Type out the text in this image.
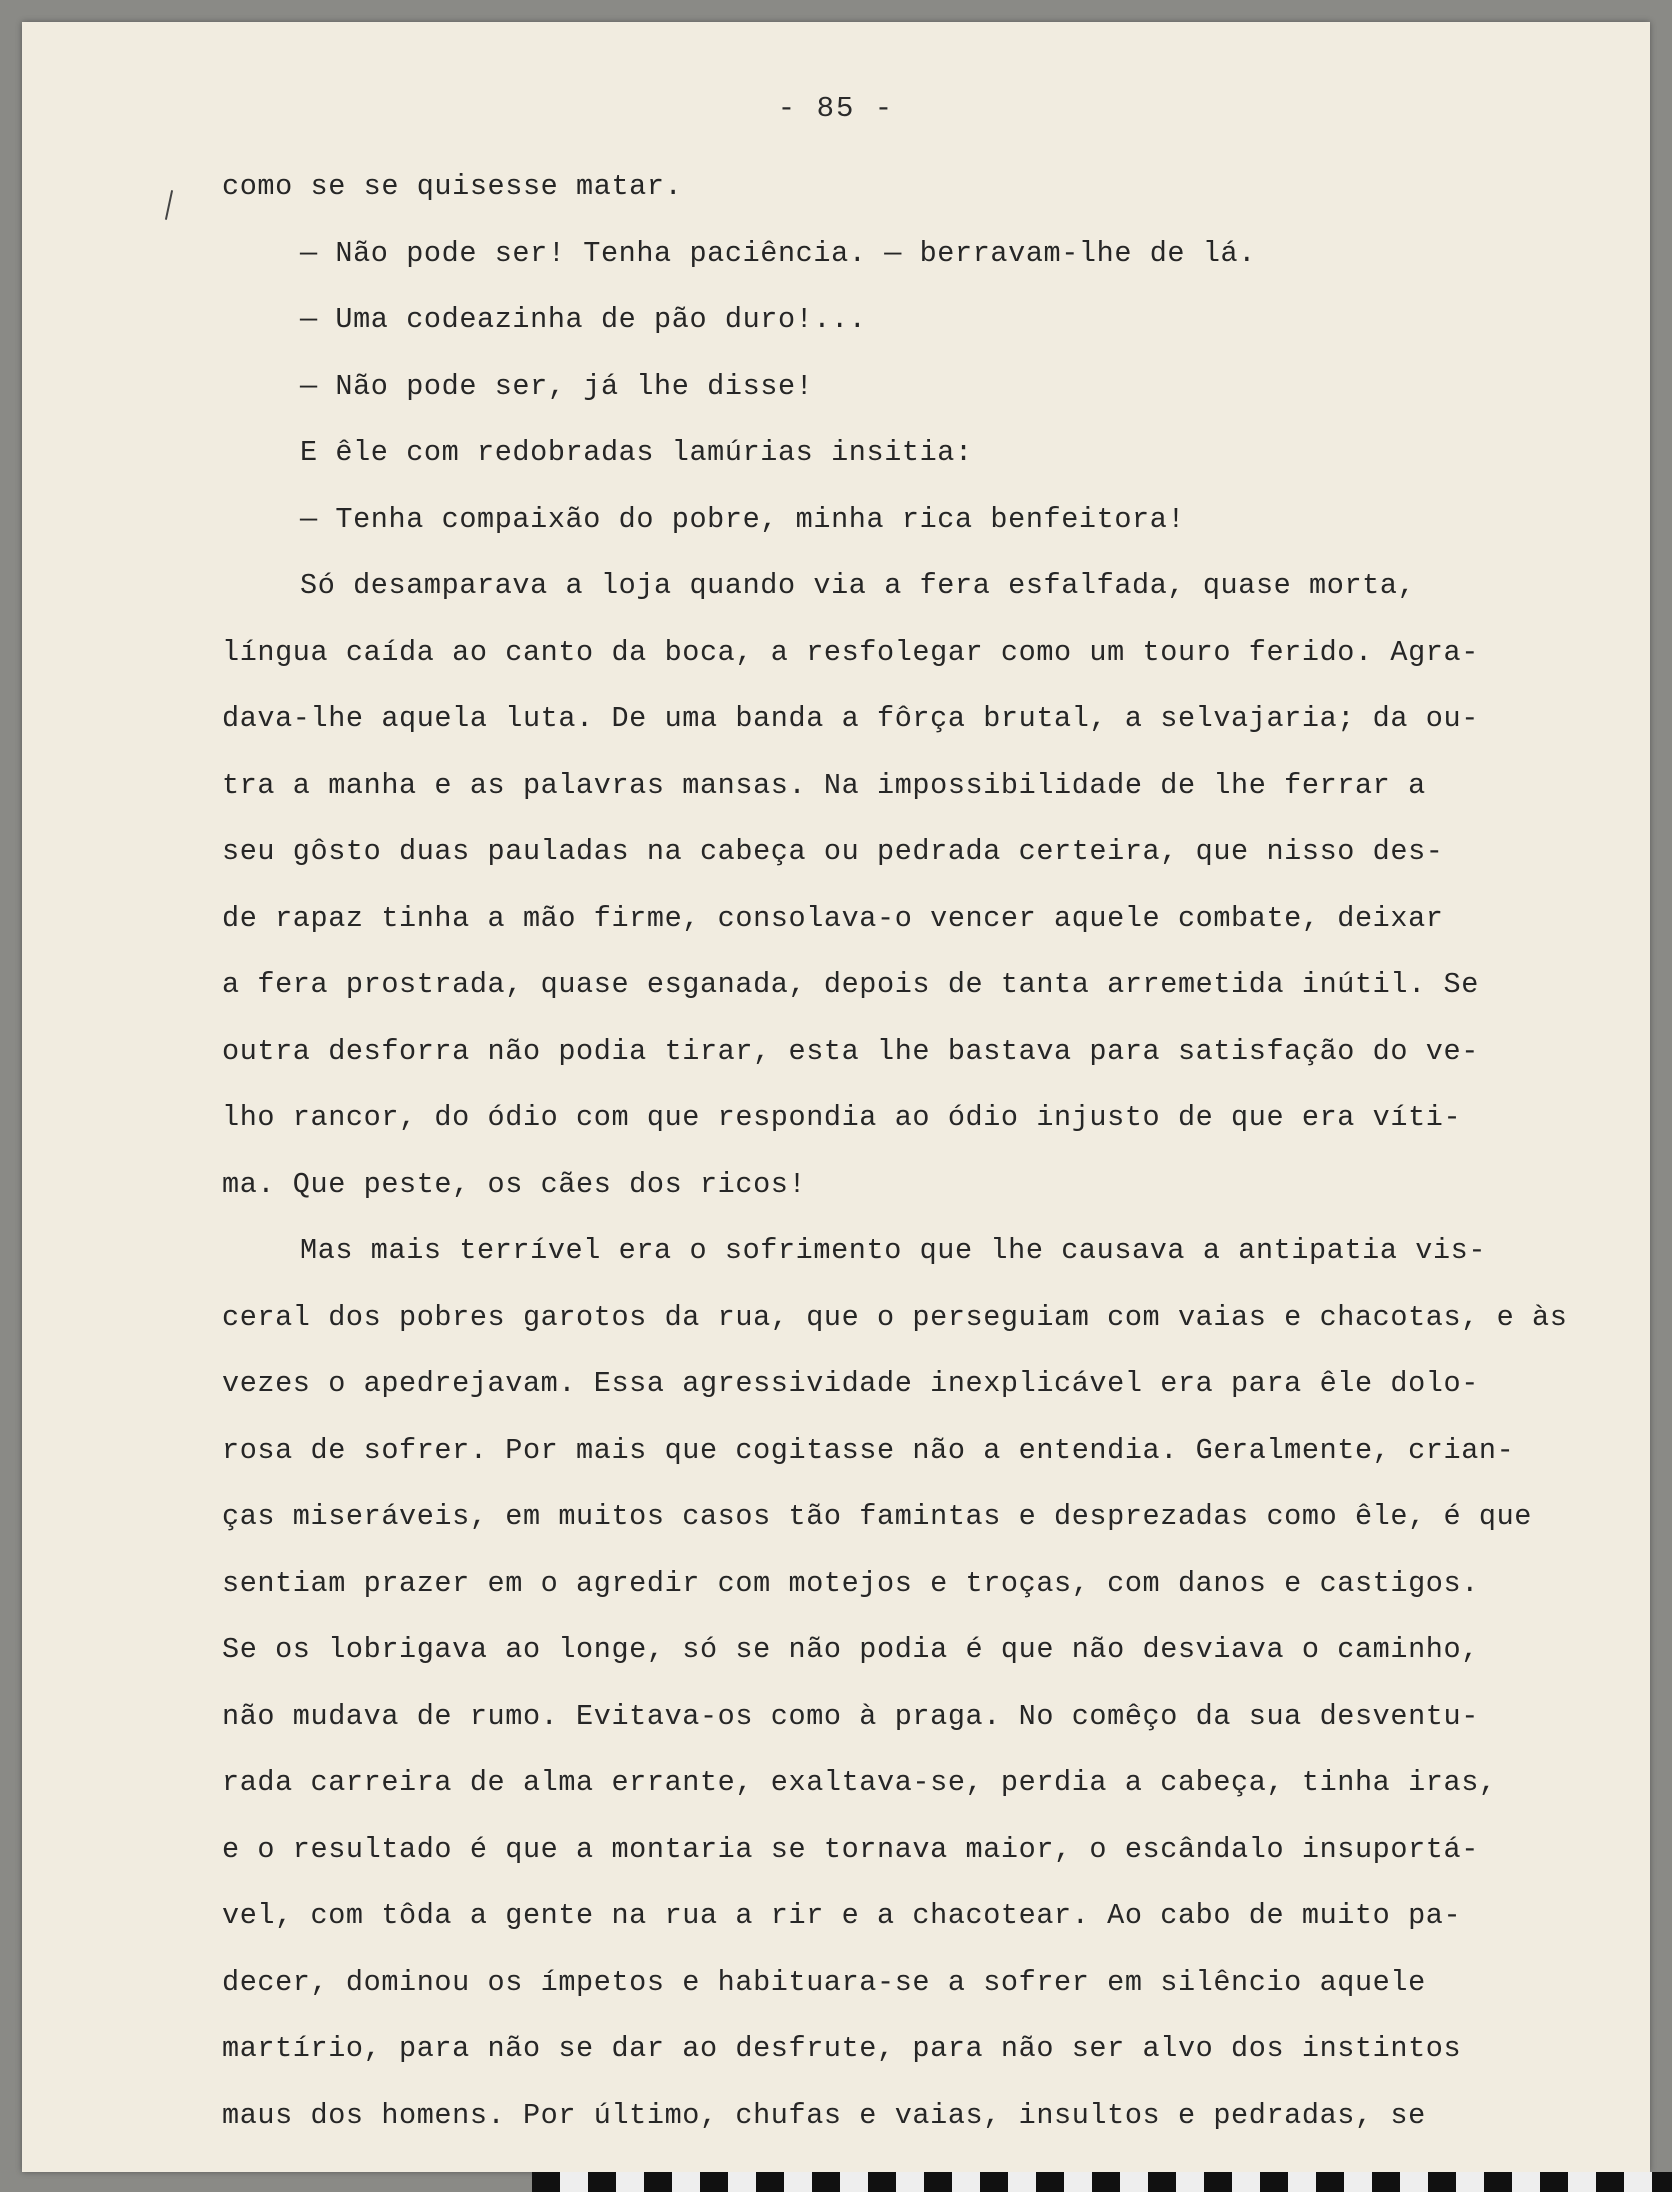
- 85 -
como se se quisesse matar.
— Não pode ser! Tenha paciência. — berravam-lhe de lá.
— Uma codeazinha de pão duro!...
— Não pode ser, já lhe disse!
E êle com redobradas lamúrias insitia:
— Tenha compaixão do pobre, minha rica benfeitora!
Só desamparava a loja quando via a fera esfalfada, quase morta,
língua caída ao canto da boca, a resfolegar como um touro ferido. Agra-
dava-lhe aquela luta. De uma banda a fôrça brutal, a selvajaria; da ou-
tra a manha e as palavras mansas. Na impossibilidade de lhe ferrar a
seu gôsto duas pauladas na cabeça ou pedrada certeira, que nisso des-
de rapaz tinha a mão firme, consolava-o vencer aquele combate, deixar
a fera prostrada, quase esganada, depois de tanta arremetida inútil. Se
outra desforra não podia tirar, esta lhe bastava para satisfação do ve-
lho rancor, do ódio com que respondia ao ódio injusto de que era víti-
ma. Que peste, os cães dos ricos!
Mas mais terrível era o sofrimento que lhe causava a antipatia vis-
ceral dos pobres garotos da rua, que o perseguiam com vaias e chacotas, e às
vezes o apedrejavam. Essa agressividade inexplicável era para êle dolo-
rosa de sofrer. Por mais que cogitasse não a entendia. Geralmente, crian-
ças miseráveis, em muitos casos tão famintas e desprezadas como êle, é que
sentiam prazer em o agredir com motejos e troças, com danos e castigos.
Se os lobrigava ao longe, só se não podia é que não desviava o caminho,
não mudava de rumo. Evitava-os como à praga. No comêço da sua desventu-
rada carreira de alma errante, exaltava-se, perdia a cabeça, tinha iras,
e o resultado é que a montaria se tornava maior, o escândalo insuportá-
vel, com tôda a gente na rua a rir e a chacotear. Ao cabo de muito pa-
decer, dominou os ímpetos e habituara-se a sofrer em silêncio aquele
martírio, para não se dar ao desfrute, para não ser alvo dos instintos
maus dos homens. Por último, chufas e vaias, insultos e pedradas, se
